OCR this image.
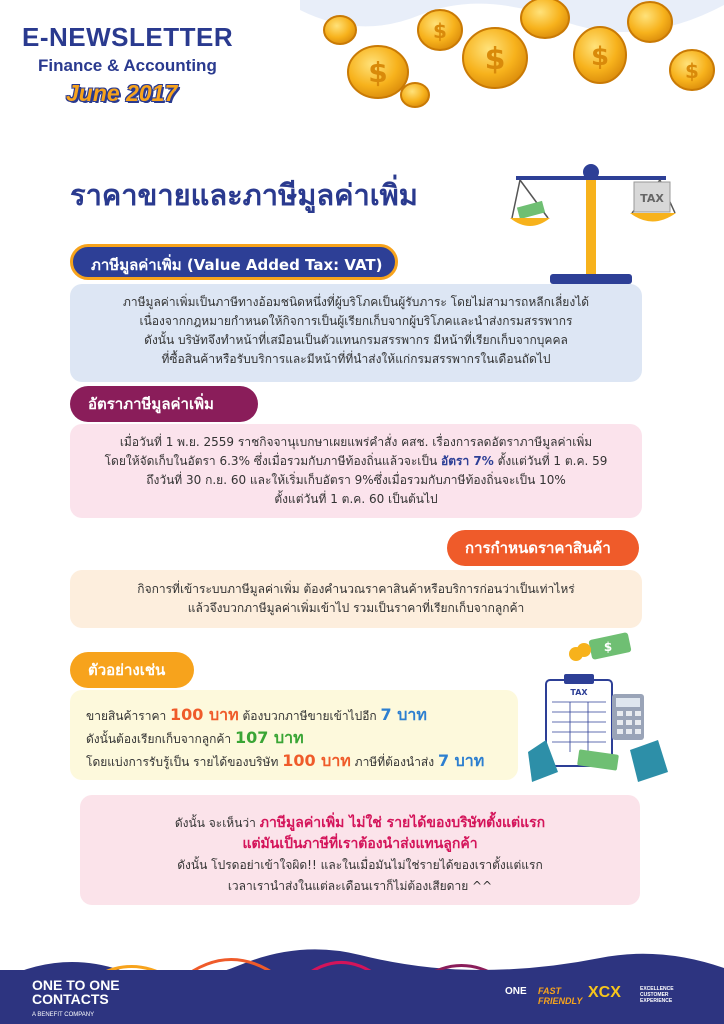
E-NEWSLETTER
Finance & Accounting
June 2017
$	$	$	$
$
ราคาขายและภาษีมูลค่าเพิ่ม	TAX
ภาษีมูลค่าเพิ่ม (Value Added Tax: VAT)
ภาษีมูลค่าเพิ่มเป็นภาษีทางอ้อมชนิดหนึ่งที่ผู้บริโภคเป็นผู้รับภาระ โดยไม่สามารถหลีกเลี่ยงได้
เนื่องจากกฎหมายกำหนดให้กิจการเป็นผู้เรียกเก็บจากผู้บริโภคและนำส่งกรมสรรพากร
ดังนั้น บริษัทจึงทำหน้าที่เสมือนเป็นตัวแทนกรมสรรพากร มีหน้าที่เรียกเก็บจากบุคคล
ที่ซื้อสินค้าหรือรับบริการและมีหน้าที่ที่นำส่งให้แก่กรมสรรพากรในเดือนถัดไป
อัตราภาษีมูลค่าเพิ่ม
เมื่อวันที่ 1 พ.ย. 2559 ราชกิจจานุเบกษาเผยแพร่คำสั่ง คสช. เรื่องการลดอัตราภาษีมูลค่าเพิ่ม
โดยให้จัดเก็บในอัตรา 6.3% ซึ่งเมื่อรวมกับภาษีท้องถิ่นแล้วจะเป็น อัตรา 7% ตั้งแต่วันที่ 1 ต.ค. 59
ถึงวันที่ 30 ก.ย. 60 และให้เริ่มเก็บอัตรา 9%ซึ่งเมื่อรวมกับภาษีท้องถิ่นจะเป็น 10%
ตั้งแต่วันที่ 1 ต.ค. 60 เป็นต้นไป
การกำหนดราคาสินค้า
กิจการที่เข้าระบบภาษีมูลค่าเพิ่ม ต้องคำนวณราคาสินค้าหรือบริการก่อนว่าเป็นเท่าไหร่
แล้วจึงบวกภาษีมูลค่าเพิ่มเข้าไป รวมเป็นราคาที่เรียกเก็บจากลูกค้า
ตัวอย่างเช่น
ขายสินค้าราคา 100 บาท ต้องบวกภาษีขายเข้าไปอีก 7 บาท
ดังนั้นต้องเรียกเก็บจากลูกค้า 107 บาท
โดยแบ่งการรับรู้เป็น รายได้ของบริษัท 100 บาท ภาษีที่ต้องนำส่ง 7 บาท
$
TAX
ดังนั้น จะเห็นว่า ภาษีมูลค่าเพิ่ม ไม่ใช่ รายได้ของบริษัทตั้งแต่แรก
แต่มันเป็นภาษีที่เราต้องนำส่งแทนลูกค้า
ดังนั้น โปรดอย่าเข้าใจผิด!! และในเมื่อมันไม่ใช่รายได้ของเราตั้งแต่แรก
เวลาเรานำส่งในแต่ละเดือนเราก็ไม่ต้องเสียดาย ^^
ONE TO ONE
CONTACTS
A BENEFIT COMPANY
ONE FAST
FRIENDLY XCX	EXCELLENCE
CUSTOMER
EXPERIENCE
